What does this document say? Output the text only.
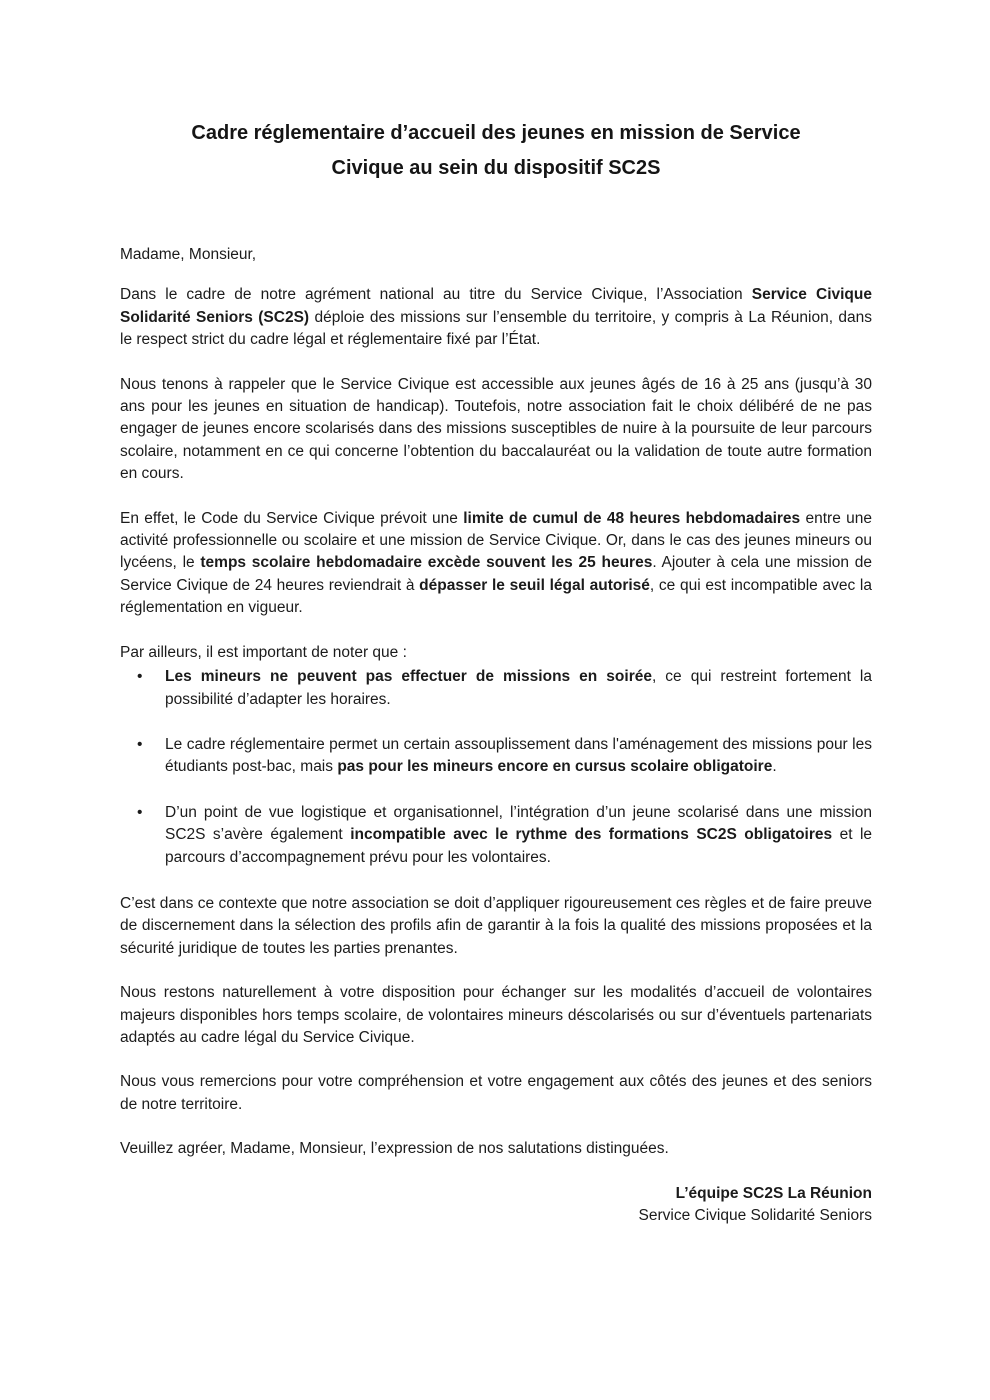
Cadre réglementaire d’accueil des jeunes en mission de Service
Civique au sein du dispositif SC2S

Madame, Monsieur,

Dans le cadre de notre agrément national au titre du Service Civique, l’Association Service Civique Solidarité Seniors (SC2S) déploie des missions sur l’ensemble du territoire, y compris à La Réunion, dans le respect strict du cadre légal et réglementaire fixé par l’État.

Nous tenons à rappeler que le Service Civique est accessible aux jeunes âgés de 16 à 25 ans (jusqu’à 30 ans pour les jeunes en situation de handicap). Toutefois, notre association fait le choix délibéré de ne pas engager de jeunes encore scolarisés dans des missions susceptibles de nuire à la poursuite de leur parcours scolaire, notamment en ce qui concerne l’obtention du baccalauréat ou la validation de toute autre formation en cours.

En effet, le Code du Service Civique prévoit une limite de cumul de 48 heures hebdomadaires entre une activité professionnelle ou scolaire et une mission de Service Civique. Or, dans le cas des jeunes mineurs ou lycéens, le temps scolaire hebdomadaire excède souvent les 25 heures. Ajouter à cela une mission de Service Civique de 24 heures reviendrait à dépasser le seuil légal autorisé, ce qui est incompatible avec la réglementation en vigueur.

Par ailleurs, il est important de noter que :

• Les mineurs ne peuvent pas effectuer de missions en soirée, ce qui restreint fortement la possibilité d’adapter les horaires.
• Le cadre réglementaire permet un certain assouplissement dans l'aménagement des missions pour les étudiants post-bac, mais pas pour les mineurs encore en cursus scolaire obligatoire.
• D’un point de vue logistique et organisationnel, l’intégration d’un jeune scolarisé dans une mission SC2S s’avère également incompatible avec le rythme des formations SC2S obligatoires et le parcours d’accompagnement prévu pour les volontaires.

C’est dans ce contexte que notre association se doit d’appliquer rigoureusement ces règles et de faire preuve de discernement dans la sélection des profils afin de garantir à la fois la qualité des missions proposées et la sécurité juridique de toutes les parties prenantes.

Nous restons naturellement à votre disposition pour échanger sur les modalités d’accueil de volontaires majeurs disponibles hors temps scolaire, de volontaires mineurs déscolarisés ou sur d’éventuels partenariats adaptés au cadre légal du Service Civique.

Nous vous remercions pour votre compréhension et votre engagement aux côtés des jeunes et des seniors de notre territoire.

Veuillez agréer, Madame, Monsieur, l’expression de nos salutations distinguées.

L’équipe SC2S La Réunion
Service Civique Solidarité Seniors
